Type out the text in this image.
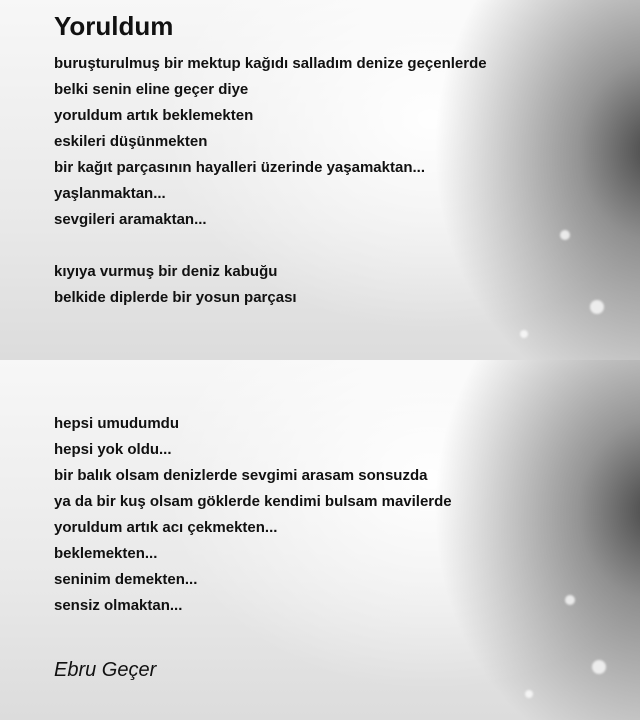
Yoruldum
buruşturulmuş bir mektup kağıdı salladım denize geçenlerde
belki senin eline geçer diye
yoruldum artık beklemekten
eskileri düşünmekten
bir kağıt parçasının hayalleri üzerinde yaşamaktan...
yaşlanmaktan...
sevgileri aramaktan...
kıyıya vurmuş bir deniz kabuğu
belkide diplerde bir yosun parçası
hepsi umudumdu
hepsi yok oldu...
bir balık olsam denizlerde sevgimi arasam sonsuzda
ya da bir kuş olsam göklerde kendimi bulsam mavilerde
yoruldum artık acı çekmekten...
beklemekten...
seninim demekten...
sensiz olmaktan...
Ebru Geçer
